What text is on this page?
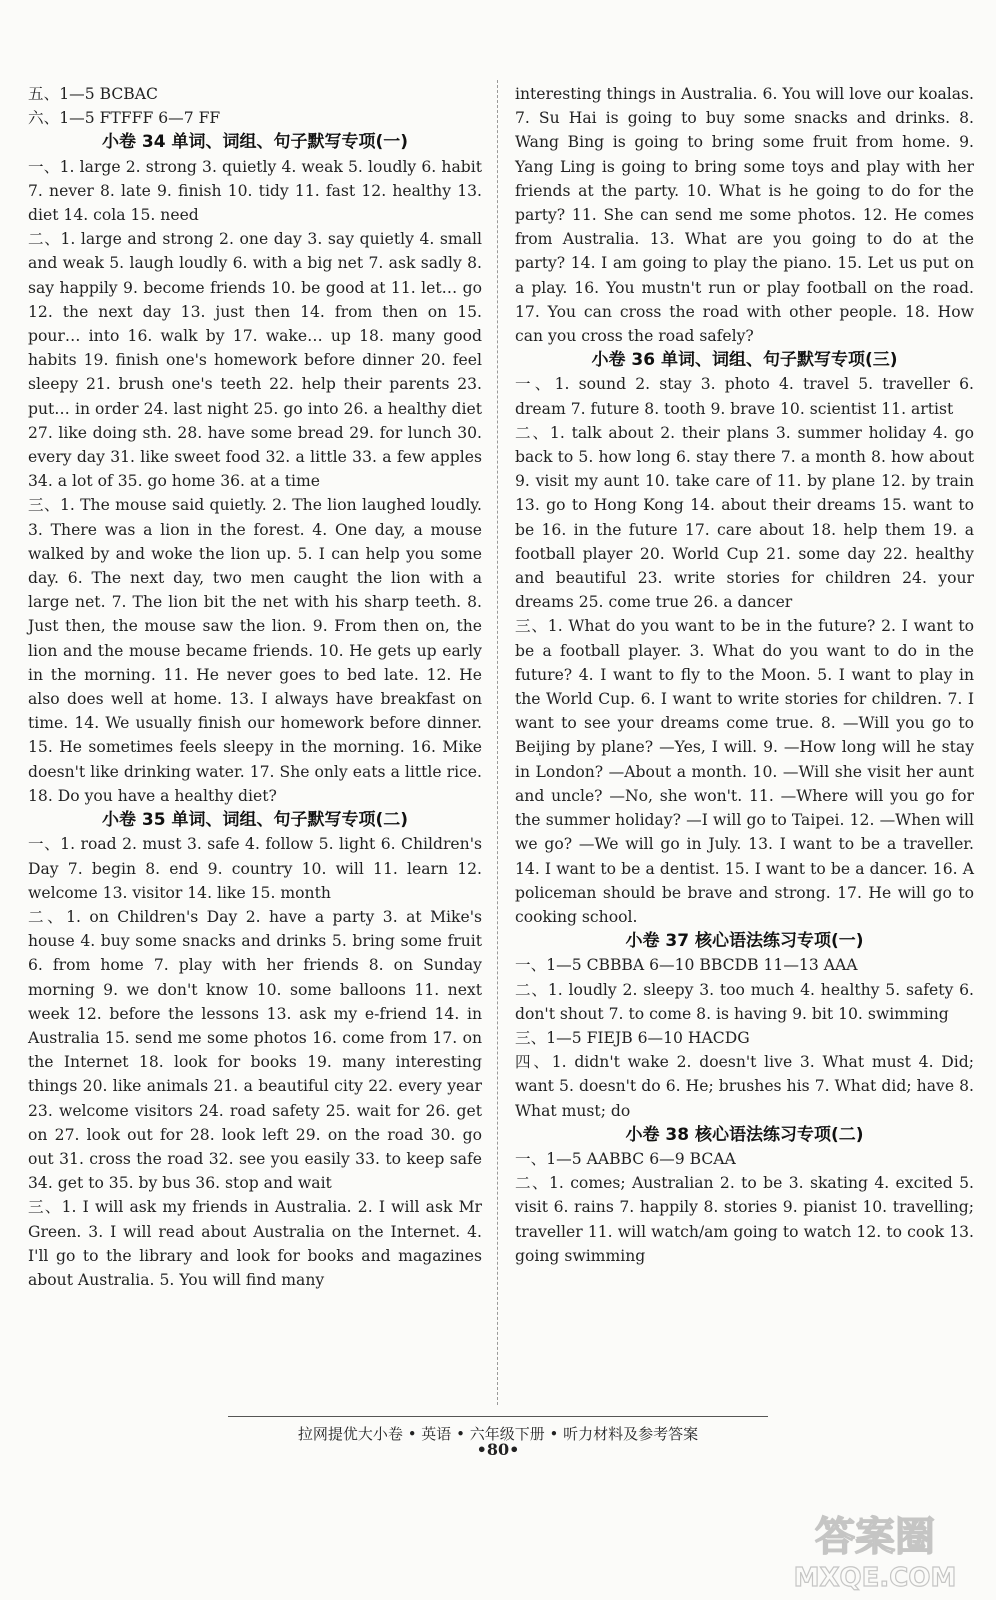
五、1—5 BCBAC
六、1—5 FTFFF 6—7 FF
小卷 34 单词、词组、句子默写专项(一)
一、1. large 2. strong 3. quietly 4. weak 5. loudly 6. habit 7. never 8. late 9. finish 10. tidy 11. fast 12. healthy 13. diet 14. cola 15. need
二、1. large and strong 2. one day 3. say quietly 4. small and weak 5. laugh loudly 6. with a big net 7. ask sadly 8. say happily 9. become friends 10. be good at 11. let… go 12. the next day 13. just then 14. from then on 15. pour… into 16. walk by 17. wake… up 18. many good habits 19. finish one's homework before dinner 20. feel sleepy 21. brush one's teeth 22. help their parents 23. put… in order 24. last night 25. go into 26. a healthy diet 27. like doing sth. 28. have some bread 29. for lunch 30. every day 31. like sweet food 32. a little 33. a few apples 34. a lot of 35. go home 36. at a time
三、1. The mouse said quietly. 2. The lion laughed loudly. 3. There was a lion in the forest. 4. One day, a mouse walked by and woke the lion up. 5. I can help you some day. 6. The next day, two men caught the lion with a large net. 7. The lion bit the net with his sharp teeth. 8. Just then, the mouse saw the lion. 9. From then on, the lion and the mouse became friends. 10. He gets up early in the morning. 11. He never goes to bed late. 12. He also does well at home. 13. I always have breakfast on time. 14. We usually finish our homework before dinner. 15. He sometimes feels sleepy in the morning. 16. Mike doesn't like drinking water. 17. She only eats a little rice. 18. Do you have a healthy diet?
小卷 35 单词、词组、句子默写专项(二)
一、1. road 2. must 3. safe 4. follow 5. light 6. Children's Day 7. begin 8. end 9. country 10. will 11. learn 12. welcome 13. visitor 14. like 15. month
二、1. on Children's Day 2. have a party 3. at Mike's house 4. buy some snacks and drinks 5. bring some fruit 6. from home 7. play with her friends 8. on Sunday morning 9. we don't know 10. some balloons 11. next week 12. before the lessons 13. ask my e-friend 14. in Australia 15. send me some photos 16. come from 17. on the Internet 18. look for books 19. many interesting things 20. like animals 21. a beautiful city 22. every year 23. welcome visitors 24. road safety 25. wait for 26. get on 27. look out for 28. look left 29. on the road 30. go out 31. cross the road 32. see you easily 33. to keep safe 34. get to 35. by bus 36. stop and wait
三、1. I will ask my friends in Australia. 2. I will ask Mr Green. 3. I will read about Australia on the Internet. 4. I'll go to the library and look for books and magazines about Australia. 5. You will find many
interesting things in Australia. 6. You will love our koalas. 7. Su Hai is going to buy some snacks and drinks. 8. Wang Bing is going to bring some fruit from home. 9. Yang Ling is going to bring some toys and play with her friends at the party. 10. What is he going to do for the party? 11. She can send me some photos. 12. He comes from Australia. 13. What are you going to do at the party? 14. I am going to play the piano. 15. Let us put on a play. 16. You mustn't run or play football on the road. 17. You can cross the road with other people. 18. How can you cross the road safely?
小卷 36 单词、词组、句子默写专项(三)
一、1. sound 2. stay 3. photo 4. travel 5. traveller 6. dream 7. future 8. tooth 9. brave 10. scientist 11. artist
二、1. talk about 2. their plans 3. summer holiday 4. go back to 5. how long 6. stay there 7. a month 8. how about 9. visit my aunt 10. take care of 11. by plane 12. by train 13. go to Hong Kong 14. about their dreams 15. want to be 16. in the future 17. care about 18. help them 19. a football player 20. World Cup 21. some day 22. healthy and beautiful 23. write stories for children 24. your dreams 25. come true 26. a dancer
三、1. What do you want to be in the future? 2. I want to be a football player. 3. What do you want to do in the future? 4. I want to fly to the Moon. 5. I want to play in the World Cup. 6. I want to write stories for children. 7. I want to see your dreams come true. 8. —Will you go to Beijing by plane? —Yes, I will. 9. —How long will he stay in London? —About a month. 10. —Will she visit her aunt and uncle? —No, she won't. 11. —Where will you go for the summer holiday? —I will go to Taipei. 12. —When will we go? —We will go in July. 13. I want to be a traveller. 14. I want to be a dentist. 15. I want to be a dancer. 16. A policeman should be brave and strong. 17. He will go to cooking school.
小卷 37 核心语法练习专项(一)
一、1—5 CBBBA 6—10 BBCDB 11—13 AAA
二、1. loudly 2. sleepy 3. too much 4. healthy 5. safety 6. don't shout 7. to come 8. is having 9. bit 10. swimming
三、1—5 FIEJB 6—10 HACDG
四、1. didn't wake 2. doesn't live 3. What must 4. Did; want 5. doesn't do 6. He; brushes his 7. What did; have 8. What must; do
小卷 38 核心语法练习专项(二)
一、1—5 AABBC 6—9 BCAA
二、1. comes; Australian 2. to be 3. skating 4. excited 5. visit 6. rains 7. happily 8. stories 9. pianist 10. travelling; traveller 11. will watch/am going to watch 12. to cook 13. going swimming
拉网提优大小卷 • 英语 • 六年级下册 • 听力材料及参考答案
•80•
答案圈
MXQE.COM
